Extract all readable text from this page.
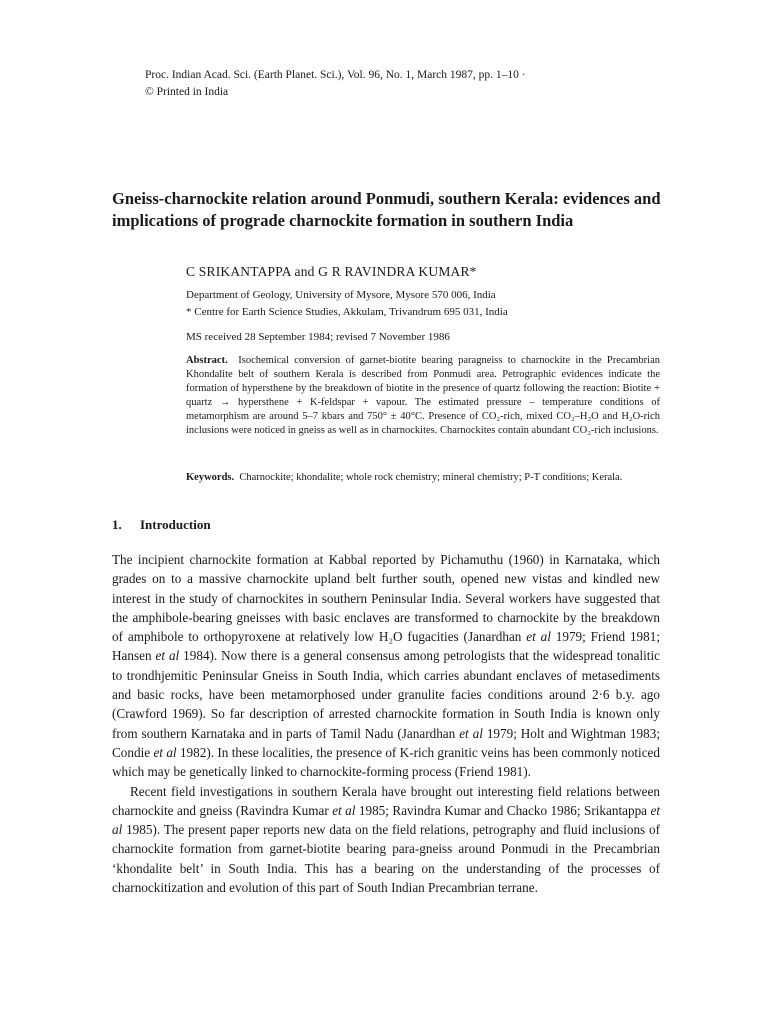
Proc. Indian Acad. Sci. (Earth Planet. Sci.), Vol. 96, No. 1, March 1987, pp. 1–10 ·
© Printed in India
Gneiss-charnockite relation around Ponmudi, southern Kerala: evidences and implications of prograde charnockite formation in southern India
C SRIKANTAPPA and G R RAVINDRA KUMAR*
Department of Geology, University of Mysore, Mysore 570 006, India
* Centre for Earth Science Studies, Akkulam, Trivandrum 695 031, India
MS received 28 September 1984; revised 7 November 1986

Abstract. Isochemical conversion of garnet-biotite bearing paragneiss to charnockite in the Precambrian Khondalite belt of southern Kerala is described from Ponmudi area. Petrographic evidences indicate the formation of hypersthene by the breakdown of biotite in the presence of quartz following the reaction: Biotite + quartz → hypersthene + K-feldspar + vapour. The estimated pressure – temperature conditions of metamorphism are around 5–7 kbars and 750° ± 40°C. Presence of CO₂-rich, mixed CO₂–H₂O and H₂O-rich inclusions were noticed in gneiss as well as in charnockites. Charnockites contain abundant CO₂-rich inclusions.

Keywords. Charnockite; khondalite; whole rock chemistry; mineral chemistry; P-T conditions; Kerala.

1. Introduction

The incipient charnockite formation at Kabbal reported by Pichamuthu (1960) in Karnataka, which grades on to a massive charnockite upland belt further south, opened new vistas and kindled new interest in the study of charnockites in southern Peninsular India. Several workers have suggested that the amphibole-bearing gneisses with basic enclaves are transformed to charnockite by the breakdown of amphibole to orthopyroxene at relatively low H₂O fugacities (Janardhan et al 1979; Friend 1981; Hansen et al 1984). Now there is a general consensus among petrologists that the widespread tonalitic to trondhjemitic Peninsular Gneiss in South India, which carries abundant enclaves of metasediments and basic rocks, have been metamorphosed under granulite facies conditions around 2·6 b.y. ago (Crawford 1969). So far description of arrested charnockite formation in South India is known only from southern Karnataka and in parts of Tamil Nadu (Janardhan et al 1979; Holt and Wightman 1983; Condie et al 1982). In these localities, the presence of K-rich granitic veins has been commonly noticed which may be genetically linked to charnockite-forming process (Friend 1981).

Recent field investigations in southern Kerala have brought out interesting field relations between charnockite and gneiss (Ravindra Kumar et al 1985; Ravindra Kumar and Chacko 1986; Srikantappa et al 1985). The present paper reports new data on the field relations, petrography and fluid inclusions of charnockite formation from garnet-biotite bearing para-gneiss around Ponmudi in the Precambrian ‘khondalite belt’ in South India. This has a bearing on the understanding of the processes of charnockitization and evolution of this part of South Indian Precambrian terrane.
